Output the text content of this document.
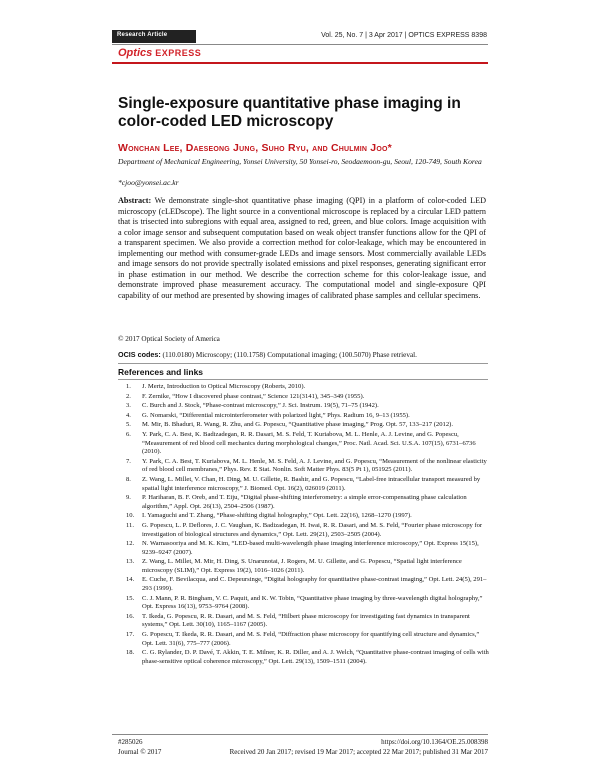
Research Article	Vol. 25, No. 7 | 3 Apr 2017 | OPTICS EXPRESS 8398
Optics EXPRESS
Single-exposure quantitative phase imaging in color-coded LED microscopy
Wonchan Lee, Daeseong Jung, Suho Ryu, and Chulmin Joo*
Department of Mechanical Engineering, Yonsei University, 50 Yonsei-ro, Seodaemoon-gu, Seoul, 120-749, South Korea
*cjoo@yonsei.ac.kr
Abstract: We demonstrate single-shot quantitative phase imaging (QPI) in a platform of color-coded LED microscopy (cLEDscope). The light source in a conventional microscope is replaced by a circular LED pattern that is trisected into subregions with equal area, assigned to red, green, and blue colors. Image acquisition with a color image sensor and subsequent computation based on weak object transfer functions allow for the QPI of a transparent specimen. We also provide a correction method for color-leakage, which may be encountered in implementing our method with consumer-grade LEDs and image sensors. Most commercially available LEDs and image sensors do not provide spectrally isolated emissions and pixel responses, generating significant error in phase estimation in our method. We describe the correction scheme for this color-leakage issue, and demonstrate improved phase measurement accuracy. The computational model and single-exposure QPI capability of our method are presented by showing images of calibrated phase samples and cellular specimens.
© 2017 Optical Society of America
OCIS codes: (110.0180) Microscopy; (110.1758) Computational imaging; (100.5070) Phase retrieval.
References and links
1.	J. Mertz, Introduction to Optical Microscopy (Roberts, 2010).
2.	F. Zernike, “How I discovered phase contrast,” Science 121(3141), 345–349 (1955).
3.	C. Burch and J. Stock, “Phase-contrast microscopy,” J. Sci. Instrum. 19(5), 71–75 (1942).
4.	G. Nomarski, “Differential microinterferometer with polarized light,” Phys. Radium 16, 9–13 (1955).
5.	M. Mir, B. Bhaduri, R. Wang, R. Zhu, and G. Popescu, “Quantitative phase imaging,” Prog. Opt. 57, 133–217 (2012).
6.	Y. Park, C. A. Best, K. Badizadegan, R. R. Dasari, M. S. Feld, T. Kuriabova, M. L. Henle, A. J. Levine, and G. Popescu, “Measurement of red blood cell mechanics during morphological changes,” Proc. Natl. Acad. Sci. U.S.A. 107(15), 6731–6736 (2010).
7.	Y. Park, C. A. Best, T. Kuriabova, M. L. Henle, M. S. Feld, A. J. Levine, and G. Popescu, “Measurement of the nonlinear elasticity of red blood cell membranes,” Phys. Rev. E Stat. Nonlin. Soft Matter Phys. 83(5 Pt 1), 051925 (2011).
8.	Z. Wang, L. Millet, V. Chan, H. Ding, M. U. Gillette, R. Bashir, and G. Popescu, “Label-free intracellular transport measured by spatial light interference microscopy,” J. Biomed. Opt. 16(2), 026019 (2011).
9.	P. Hariharan, B. F. Oreb, and T. Eiju, “Digital phase-shifting interferometry: a simple error-compensating phase calculation algorithm,” Appl. Opt. 26(13), 2504–2506 (1987).
10.	I. Yamaguchi and T. Zhang, “Phase-shifting digital holography,” Opt. Lett. 22(16), 1268–1270 (1997).
11.	G. Popescu, L. P. Deflores, J. C. Vaughan, K. Badizadegan, H. Iwai, R. R. Dasari, and M. S. Feld, “Fourier phase microscopy for investigation of biological structures and dynamics,” Opt. Lett. 29(21), 2503–2505 (2004).
12.	N. Warnasooriya and M. K. Kim, “LED-based multi-wavelength phase imaging interference microscopy,” Opt. Express 15(15), 9239–9247 (2007).
13.	Z. Wang, L. Millet, M. Mir, H. Ding, S. Unarunotai, J. Rogers, M. U. Gillette, and G. Popescu, “Spatial light interference microscopy (SLIM),” Opt. Express 19(2), 1016–1026 (2011).
14.	E. Cuche, F. Bevilacqua, and C. Depeursinge, “Digital holography for quantitative phase-contrast imaging,” Opt. Lett. 24(5), 291–293 (1999).
15.	C. J. Mann, P. R. Bingham, V. C. Paquit, and K. W. Tobin, “Quantitative phase imaging by three-wavelength digital holography,” Opt. Express 16(13), 9753–9764 (2008).
16.	T. Ikeda, G. Popescu, R. R. Dasari, and M. S. Feld, “Hilbert phase microscopy for investigating fast dynamics in transparent systems,” Opt. Lett. 30(10), 1165–1167 (2005).
17.	G. Popescu, T. Ikeda, R. R. Dasari, and M. S. Feld, “Diffraction phase microscopy for quantifying cell structure and dynamics,” Opt. Lett. 31(6), 775–777 (2006).
18.	C. G. Rylander, D. P. Davé, T. Akkin, T. E. Milner, K. R. Diller, and A. J. Welch, “Quantitative phase-contrast imaging of cells with phase-sensitive optical coherence microscopy,” Opt. Lett. 29(13), 1509–1511 (2004).
#285026
Journal © 2017
https://doi.org/10.1364/OE.25.008398
Received 20 Jan 2017; revised 19 Mar 2017; accepted 22 Mar 2017; published 31 Mar 2017
